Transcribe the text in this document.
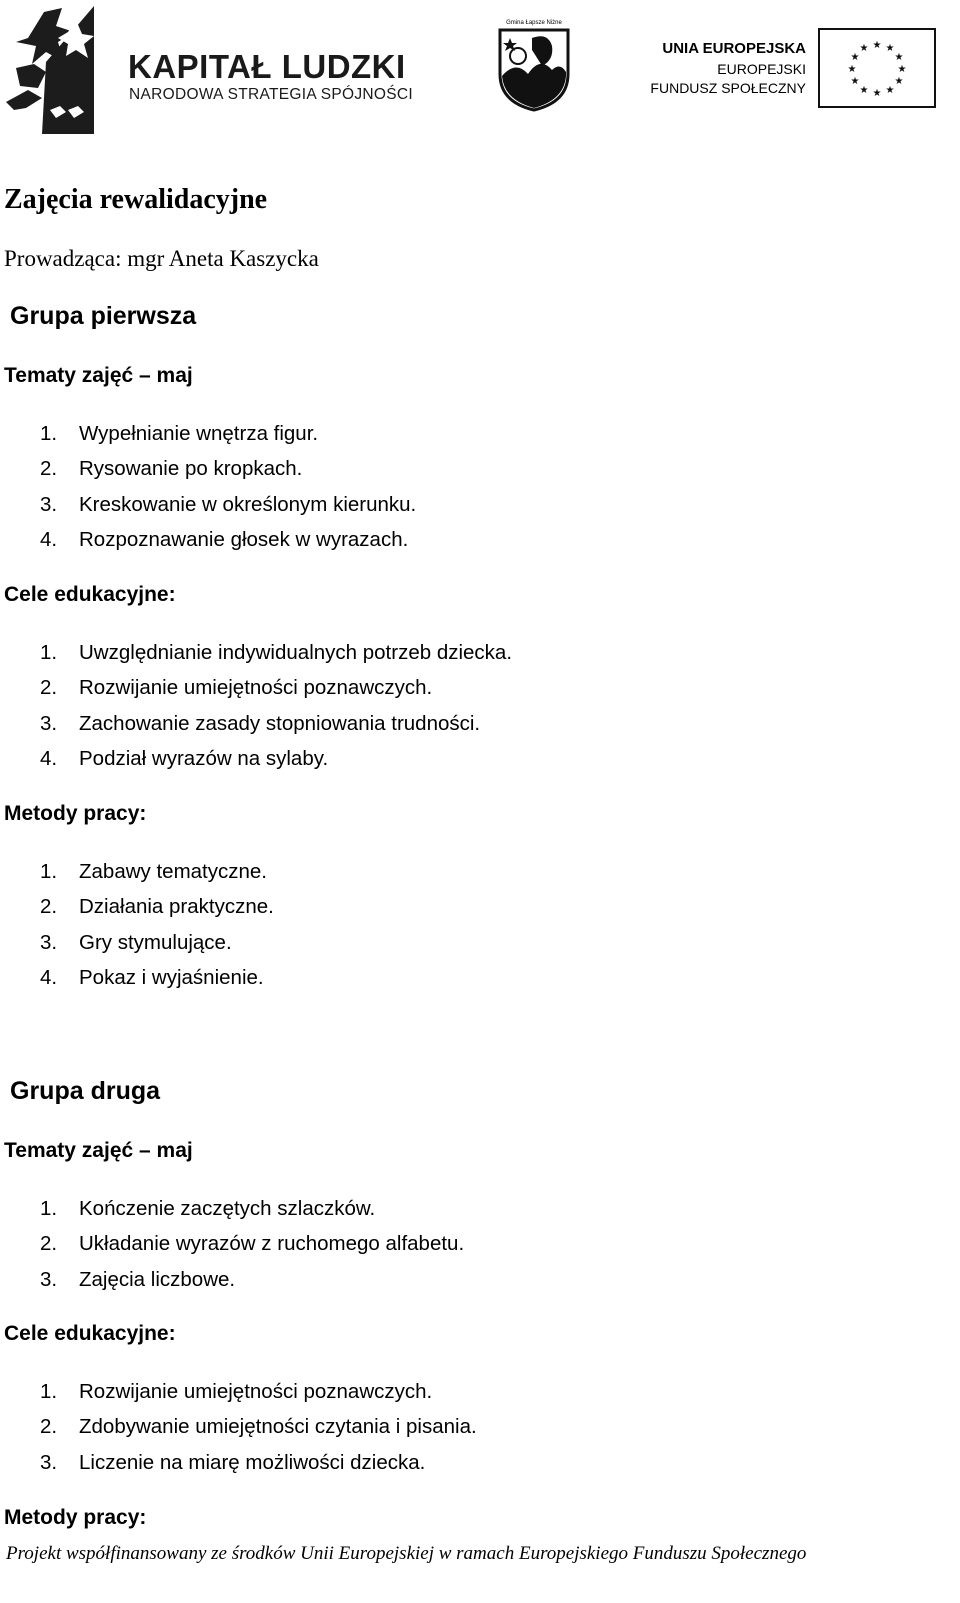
KAPITAŁ LUDZKI
NARODOWA STRATEGIA SPÓJNOŚCI
Gmina Łapsze Niżne
UNIA EUROPEJSKA
EUROPEJSKI
FUNDUSZ SPOŁECZNY
★ ★
★
★
★
★
★
★
★
★
★
★
Zajęcia rewalidacyjne
Prowadząca: mgr Aneta Kaszycka
Grupa pierwsza
Tematy zajęć – maj
1. Wypełnianie wnętrza figur.
2. Rysowanie po kropkach.
3. Kreskowanie w określonym kierunku.
4. Rozpoznawanie głosek w wyrazach.
Cele edukacyjne:
1. Uwzględnianie indywidualnych potrzeb dziecka.
2. Rozwijanie umiejętności poznawczych.
3. Zachowanie zasady stopniowania trudności.
4. Podział wyrazów na sylaby.
Metody pracy:
1. Zabawy tematyczne.
2. Działania praktyczne.
3. Gry stymulujące.
4. Pokaz i wyjaśnienie.
Grupa druga
Tematy zajęć – maj
1. Kończenie zaczętych szlaczków.
2. Układanie wyrazów z ruchomego alfabetu.
3. Zajęcia liczbowe.
Cele edukacyjne:
1. Rozwijanie umiejętności poznawczych.
2. Zdobywanie umiejętności czytania i pisania.
3. Liczenie na miarę możliwości dziecka.
Metody pracy:
Projekt współfinansowany ze środków Unii Europejskiej w ramach Europejskiego Funduszu Społecznego
